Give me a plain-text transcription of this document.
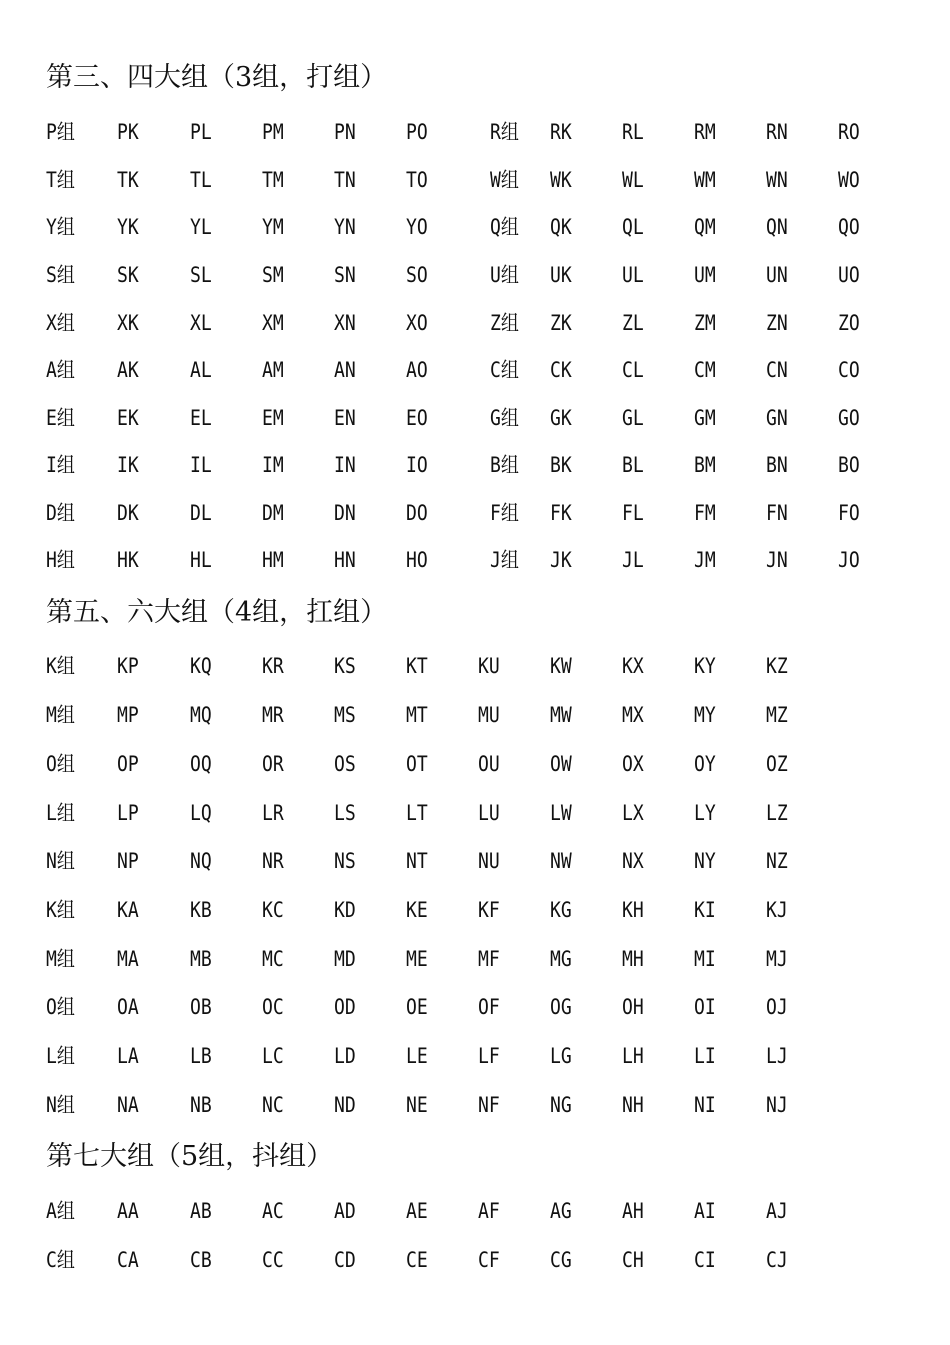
第三、四大组（3组，打组）
P组 PK PL PM PN PO	R组 RK RL RM RN RO
T组 TK TL TM TN TO	W组 WK WL WM WN WO
Y组 YK YL YM YN YO	Q组 QK QL QM QN QO
S组 SK SL SM SN SO	U组 UK UL UM UN UO
X组 XK XL XM XN XO	Z组 ZK ZL ZM ZN ZO
A组 AK AL AM AN AO	C组 CK CL CM CN CO
E组 EK EL EM EN EO	G组 GK GL GM GN GO
I组 IK IL IM IN IO	B组 BK BL BM BN BO
D组 DK DL DM DN DO	F组 FK FL FM FN FO
H组 HK HL HM HN HO	J组 JK JL JM JN JO
第五、六大组（4组，扛组）
K组 KP KQ KR KS KT KU KW KX KY KZ
M组 MP MQ MR MS MT MU MW MX MY MZ
O组 OP OQ OR OS OT OU OW OX OY OZ
L组 LP LQ LR LS LT LU LW LX LY LZ
N组 NP NQ NR NS NT NU NW NX NY NZ
K组 KA KB KC KD KE KF KG KH KI KJ
M组 MA MB MC MD ME MF MG MH MI MJ
O组 OA OB OC OD OE OF OG OH OI OJ
L组 LA LB LC LD LE LF LG LH LI LJ
N组 NA NB NC ND NE NF NG NH NI NJ
第七大组（5组，抖组）
A组 AA AB AC AD AE AF AG AH AI AJ
C组 CA CB CC CD CE CF CG CH CI CJ
